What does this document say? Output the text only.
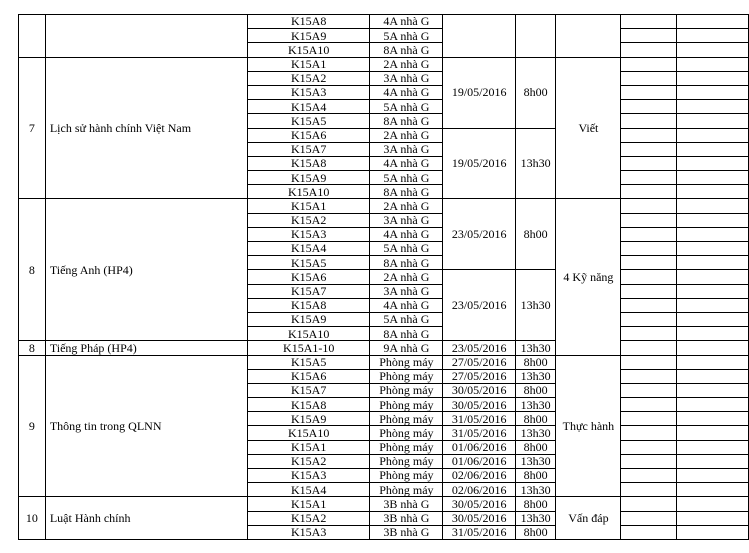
		K15A8	4A nhà G					
		K15A9	5A nhà G					
		K15A10	8A nhà G					
7	Lịch sử hành chính Việt Nam	K15A1	2A nhà G	19/05/2016	8h00	Viết		
		K15A2	3A nhà G					
		K15A3	4A nhà G					
		K15A4	5A nhà G					
		K15A5	8A nhà G					
		K15A6	2A nhà G	19/05/2016	13h30			
		K15A7	3A nhà G					
		K15A8	4A nhà G					
		K15A9	5A nhà G					
		K15A10	8A nhà G					
8	Tiếng Anh (HP4)	K15A1	2A nhà G	23/05/2016	8h00	4 Kỹ năng		
		K15A2	3A nhà G					
		K15A3	4A nhà G					
		K15A4	5A nhà G					
		K15A5	8A nhà G					
		K15A6	2A nhà G	23/05/2016	13h30			
		K15A7	3A nhà G					
		K15A8	4A nhà G					
		K15A9	5A nhà G					
		K15A10	8A nhà G					
8	Tiếng Pháp (HP4)	K15A1-10	9A nhà G	23/05/2016	13h30			
9	Thông tin trong QLNN	K15A5	Phòng máy	27/05/2016	8h00	Thực hành		
		K15A6	Phòng máy	27/05/2016	13h30			
		K15A7	Phòng máy	30/05/2016	8h00			
		K15A8	Phòng máy	30/05/2016	13h30			
		K15A9	Phòng máy	31/05/2016	8h00			
		K15A10	Phòng máy	31/05/2016	13h30			
		K15A1	Phòng máy	01/06/2016	8h00			
		K15A2	Phòng máy	01/06/2016	13h30			
		K15A3	Phòng máy	02/06/2016	8h00			
		K15A4	Phòng máy	02/06/2016	13h30			
10	Luật Hành chính	K15A1	3B nhà G	30/05/2016	8h00	Vấn đáp		
		K15A2	3B nhà G	30/05/2016	13h30			
		K15A3	3B nhà G	31/05/2016	8h00			
